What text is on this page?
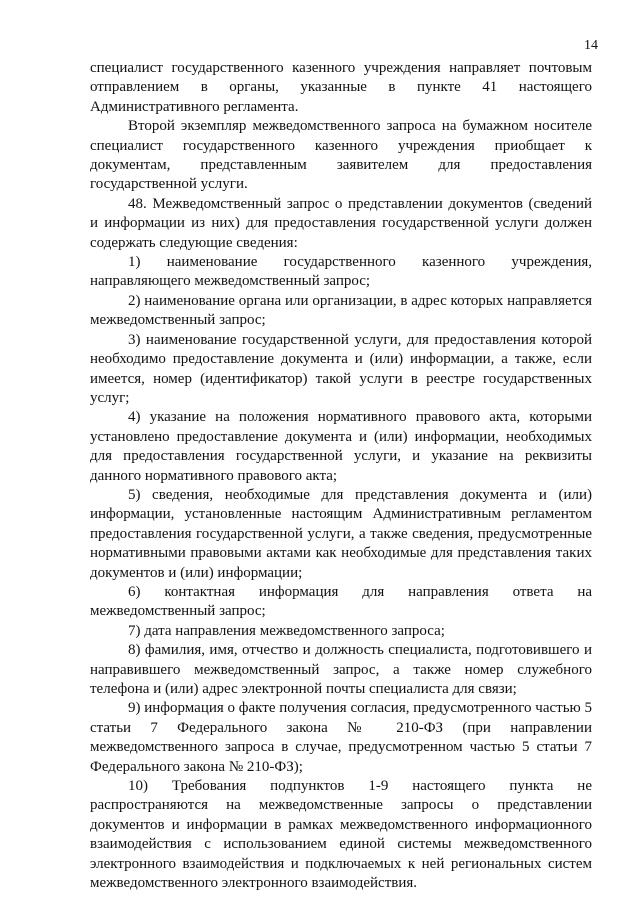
14

специалист государственного казенного учреждения направляет почтовым отправлением в органы, указанные в пункте 41 настоящего Административного регламента.

Второй экземпляр межведомственного запроса на бумажном носителе специалист государственного казенного учреждения приобщает к документам, представленным заявителем для предоставления государственной услуги.

48. Межведомственный запрос о представлении документов (сведений и информации из них) для предоставления государственной услуги должен содержать следующие сведения:

1) наименование государственного казенного учреждения, направляющего межведомственный запрос;

2) наименование органа или организации, в адрес которых направляется межведомственный запрос;

3) наименование государственной услуги, для предоставления которой необходимо предоставление документа и (или) информации, а также, если имеется, номер (идентификатор) такой услуги в реестре государственных услуг;

4) указание на положения нормативного правового акта, которыми установлено предоставление документа и (или) информации, необходимых для предоставления государственной услуги, и указание на реквизиты данного нормативного правового акта;

5) сведения, необходимые для представления документа и (или) информации, установленные настоящим Административным регламентом предоставления государственной услуги, а также сведения, предусмотренные нормативными правовыми актами как необходимые для представления таких документов и (или) информации;

6) контактная информация для направления ответа на межведомственный запрос;

7) дата направления межведомственного запроса;

8) фамилия, имя, отчество и должность специалиста, подготовившего и направившего межведомственный запрос, а также номер служебного телефона и (или) адрес электронной почты специалиста для связи;

9) информация о факте получения согласия, предусмотренного частью 5 статьи 7 Федерального закона № 210-ФЗ (при направлении межведомственного запроса в случае, предусмотренном частью 5 статьи 7 Федерального закона № 210-ФЗ);

10) Требования подпунктов 1-9 настоящего пункта не распространяются на межведомственные запросы о представлении документов и информации в рамках межведомственного информационного взаимодействия с использованием единой системы межведомственного электронного взаимодействия и подключаемых к ней региональных систем межведомственного электронного взаимодействия.
